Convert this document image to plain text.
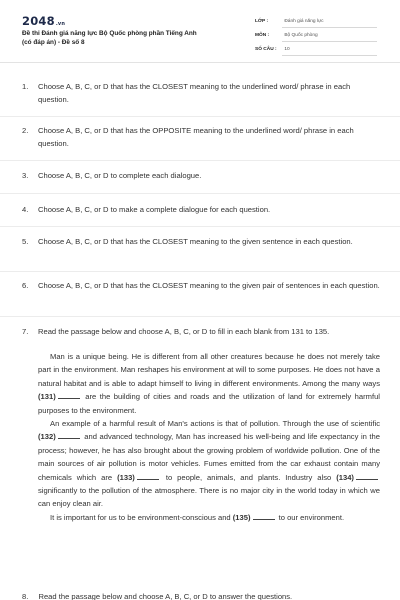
2048.vn
Đề thi Đánh giá năng lực Bộ Quốc phòng phần Tiếng Anh
(có đáp án) - Đề số 8
LỚP :	Đánh giá năng lực
MÔN :	Bộ Quốc phòng
SỐ CÂU : 10
1.	Choose A, B, C, or D that has the CLOSEST meaning to the underlined word/ phrase in each question.
2.	Choose A, B, C, or D that has the OPPOSITE meaning to the underlined word/ phrase in each question.
3.	Choose A, B, C, or D to complete each dialogue.
4.	Choose A, B, C, or D to make a complete dialogue for each question.
5.	Choose A, B, C, or D that has the CLOSEST meaning to the given sentence in each question.
6.	Choose A, B, C, or D that has the CLOSEST meaning to the given pair of sentences in each question.
7.	Read the passage below and choose A, B, C, or D to fill in each blank from 131 to 135.

Man is a unique being. He is different from all other creatures because he does not merely take part in the environment. Man reshapes his environment at will to some purposes. He does not have a natural habitat and is able to adapt himself to living in different environments. Among the many ways (131)	are the building of cities and roads and the utilization of land for extremely harmful purposes to the environment.

An example of a harmful result of Man's actions is that of pollution. Through the use of scientific (132)	and advanced technology, Man has increased his well-being and life expectancy in the process; however, he has also brought about the growing problem of worldwide pollution. One of the main sources of air pollution is motor vehicles. Fumes emitted from the car exhaust contain many chemicals which are (133)	to people, animals, and plants. Industry also (134) significantly to the pollution of the atmosphere. There is no major city in the world today in which we can enjoy clean air.

It is important for us to be environment-conscious and (135)	to our environment.

8. Read the passage below and choose A, B, C, or D to answer the questions.
